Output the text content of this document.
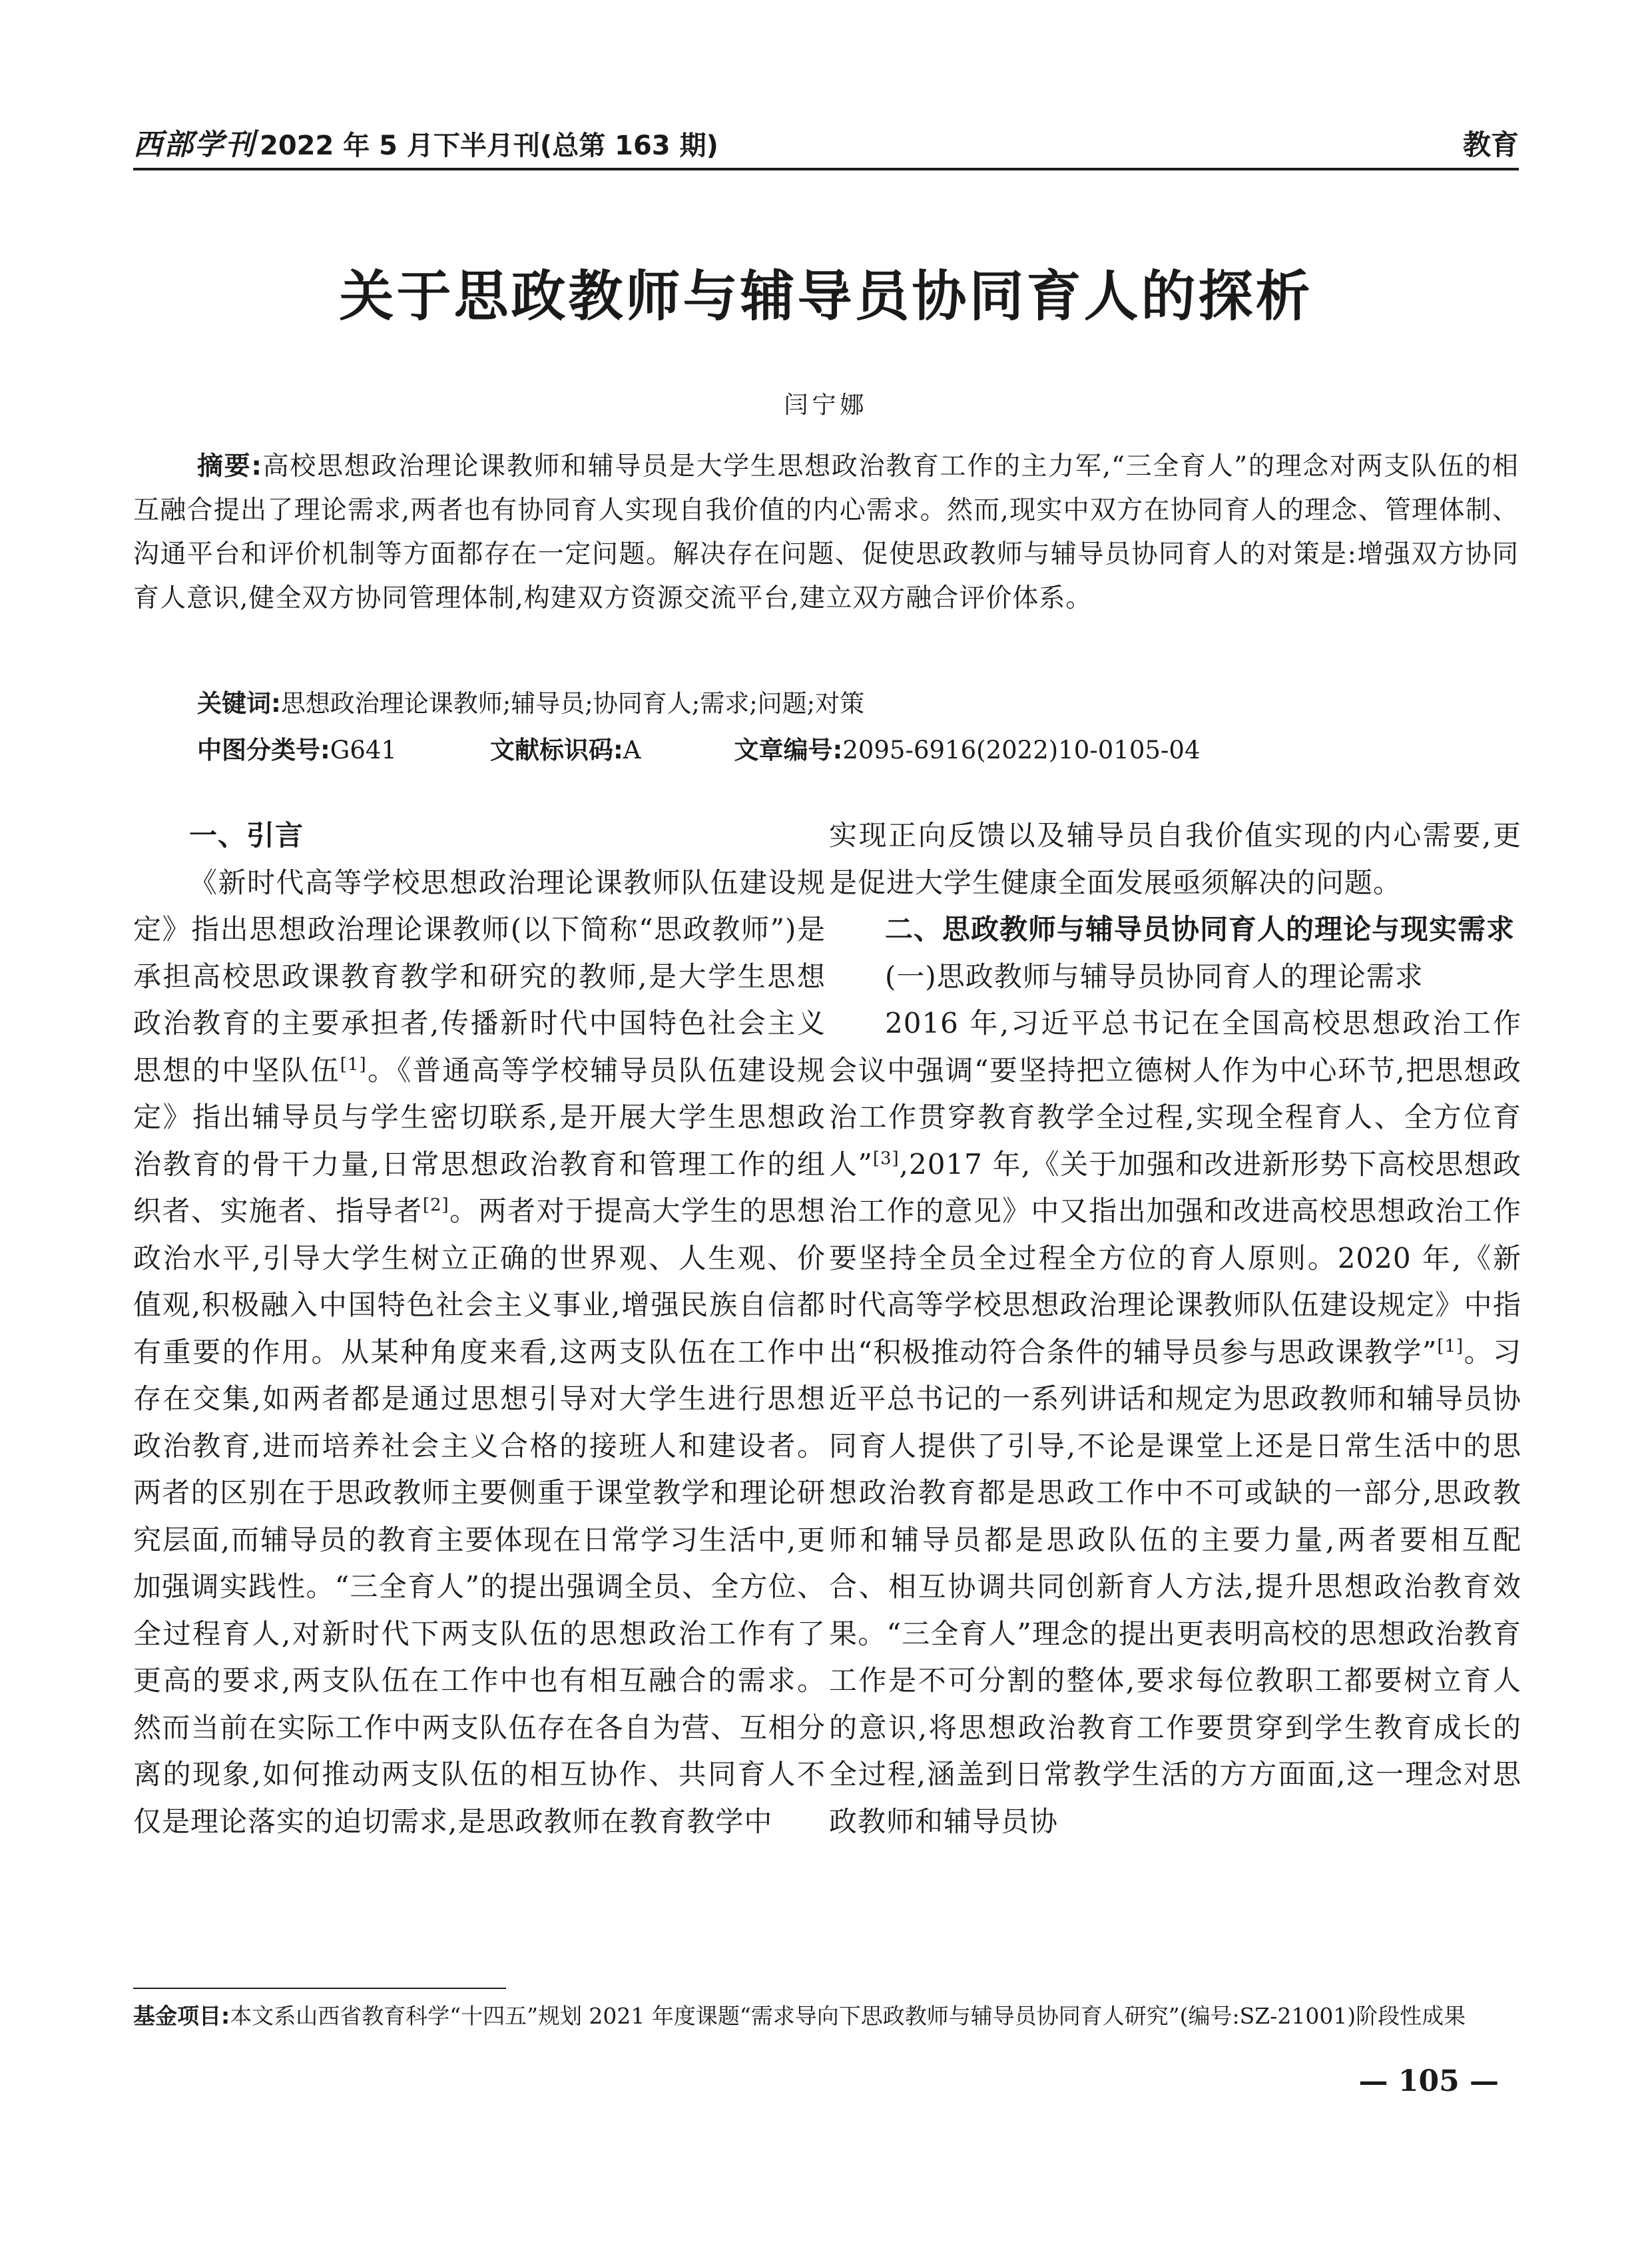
西部学刊 2022 年 5 月下半月刊(总第 163 期)	教育
关于思政教师与辅导员协同育人的探析
闫宁娜

摘要:高校思想政治理论课教师和辅导员是大学生思想政治教育工作的主力军,“三全育人”的理念对两支队伍的相互融合提出了理论需求,两者也有协同育人实现自我价值的内心需求。然而,现实中双方在协同育人的理念、管理体制、沟通平台和评价机制等方面都存在一定问题。解决存在问题、促使思政教师与辅导员协同育人的对策是:增强双方协同育人意识,健全双方协同管理体制,构建双方资源交流平台,建立双方融合评价体系。

关键词:思想政治理论课教师;辅导员;协同育人;需求;问题;对策
中图分类号:G641	文献标识码:A	文章编号:2095-6916(2022)10-0105-04
一、引言

《新时代高等学校思想政治理论课教师队伍建设规定》指出思想政治理论课教师(以下简称“思政教师”)是承担高校思政课教育教学和研究的教师,是大学生思想政治教育的主要承担者,传播新时代中国特色社会主义思想的中坚队伍[1]。《普通高等学校辅导员队伍建设规定》指出辅导员与学生密切联系,是开展大学生思想政治教育的骨干力量,日常思想政治教育和管理工作的组织者、实施者、指导者[2]。两者对于提高大学生的思想政治水平,引导大学生树立正确的世界观、人生观、价值观,积极融入中国特色社会主义事业,增强民族自信都有重要的作用。从某种角度来看,这两支队伍在工作中存在交集,如两者都是通过思想引导对大学生进行思想政治教育,进而培养社会主义合格的接班人和建设者。两者的区别在于思政教师主要侧重于课堂教学和理论研究层面,而辅导员的教育主要体现在日常学习生活中,更加强调实践性。“三全育人”的提出强调全员、全方位、全过程育人,对新时代下两支队伍的思想政治工作有了更高的要求,两支队伍在工作中也有相互融合的需求。然而当前在实际工作中两支队伍存在各自为营、互相分离的现象,如何推动两支队伍的相互协作、共同育人不仅是理论落实的迫切需求,是思政教师在教育教学中

实现正向反馈以及辅导员自我价值实现的内心需要,更是促进大学生健康全面发展亟须解决的问题。

二、思政教师与辅导员协同育人的理论与现实需求
(一)思政教师与辅导员协同育人的理论需求

2016 年,习近平总书记在全国高校思想政治工作会议中强调“要坚持把立德树人作为中心环节,把思想政治工作贯穿教育教学全过程,实现全程育人、全方位育人”[3],2017 年,《关于加强和改进新形势下高校思想政治工作的意见》中又指出加强和改进高校思想政治工作要坚持全员全过程全方位的育人原则。2020 年,《新时代高等学校思想政治理论课教师队伍建设规定》中指出“积极推动符合条件的辅导员参与思政课教学”[1]。习近平总书记的一系列讲话和规定为思政教师和辅导员协同育人提供了引导,不论是课堂上还是日常生活中的思想政治教育都是思政工作中不可或缺的一部分,思政教师和辅导员都是思政队伍的主要力量,两者要相互配合、相互协调共同创新育人方法,提升思想政治教育效果。“三全育人”理念的提出更表明高校的思想政治教育工作是不可分割的整体,要求每位教职工都要树立育人的意识,将思想政治教育工作要贯穿到学生教育成长的全过程,涵盖到日常教学生活的方方面面,这一理念对思政教师和辅导员协

基金项目:本文系山西省教育科学“十四五”规划 2021 年度课题“需求导向下思政教师与辅导员协同育人研究”(编号:SZ-21001)阶段性成果
— 105 —
